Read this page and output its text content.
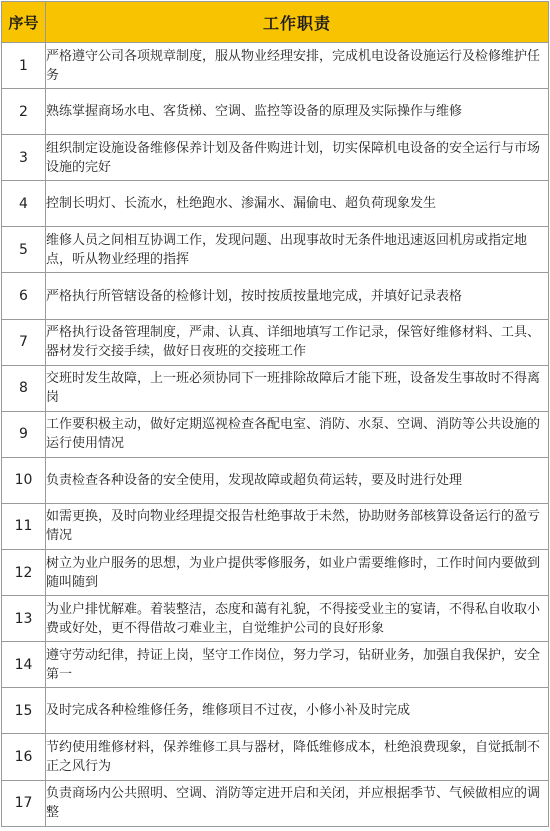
序号	工作职责
1	严格遵守公司各项规章制度，服从物业经理安排，完成机电设备设施运行及检修维护任务
2	熟练掌握商场水电、客货梯、空调、监控等设备的原理及实际操作与维修
3	组织制定设施设备维修保养计划及备件购进计划，切实保障机电设备的安全运行与市场设施的完好
4	控制长明灯、长流水，杜绝跑水、渗漏水、漏偷电、超负荷现象发生
5	维修人员之间相互协调工作，发现问题、出现事故时无条件地迅速返回机房或指定地点，听从物业经理的指挥
6	严格执行所管辖设备的检修计划，按时按质按量地完成，并填好记录表格
7	严格执行设备管理制度，严肃、认真、详细地填写工作记录，保管好维修材料、工具、器材发行交接手续，做好日夜班的交接班工作
8	交班时发生故障，上一班必须协同下一班排除故障后才能下班，设备发生事故时不得离岗
9	工作要积极主动，做好定期巡视检查各配电室、消防、水泵、空调、消防等公共设施的运行使用情况
10	负责检查各种设备的安全使用，发现故障或超负荷运转，要及时进行处理
11	如需更换，及时向物业经理提交报告杜绝事故于未然，协助财务部核算设备运行的盈亏情况
12	树立为业户服务的思想，为业户提供零修服务，如业户需要维修时，工作时间内要做到随叫随到
13	为业户排忧解难。着装整洁，态度和蔼有礼貌，不得接受业主的宴请，不得私自收取小费或好处，更不得借故刁难业主，自觉维护公司的良好形象
14	遵守劳动纪律，持证上岗，坚守工作岗位，努力学习，钻研业务，加强自我保护，安全第一
15	及时完成各种检维修任务，维修项目不过夜，小修小补及时完成
16	节约使用维修材料，保养维修工具与器材，降低维修成本，杜绝浪费现象，自觉抵制不正之风行为
17	负责商场内公共照明、空调、消防等定进开启和关闭，并应根据季节、气候做相应的调整
